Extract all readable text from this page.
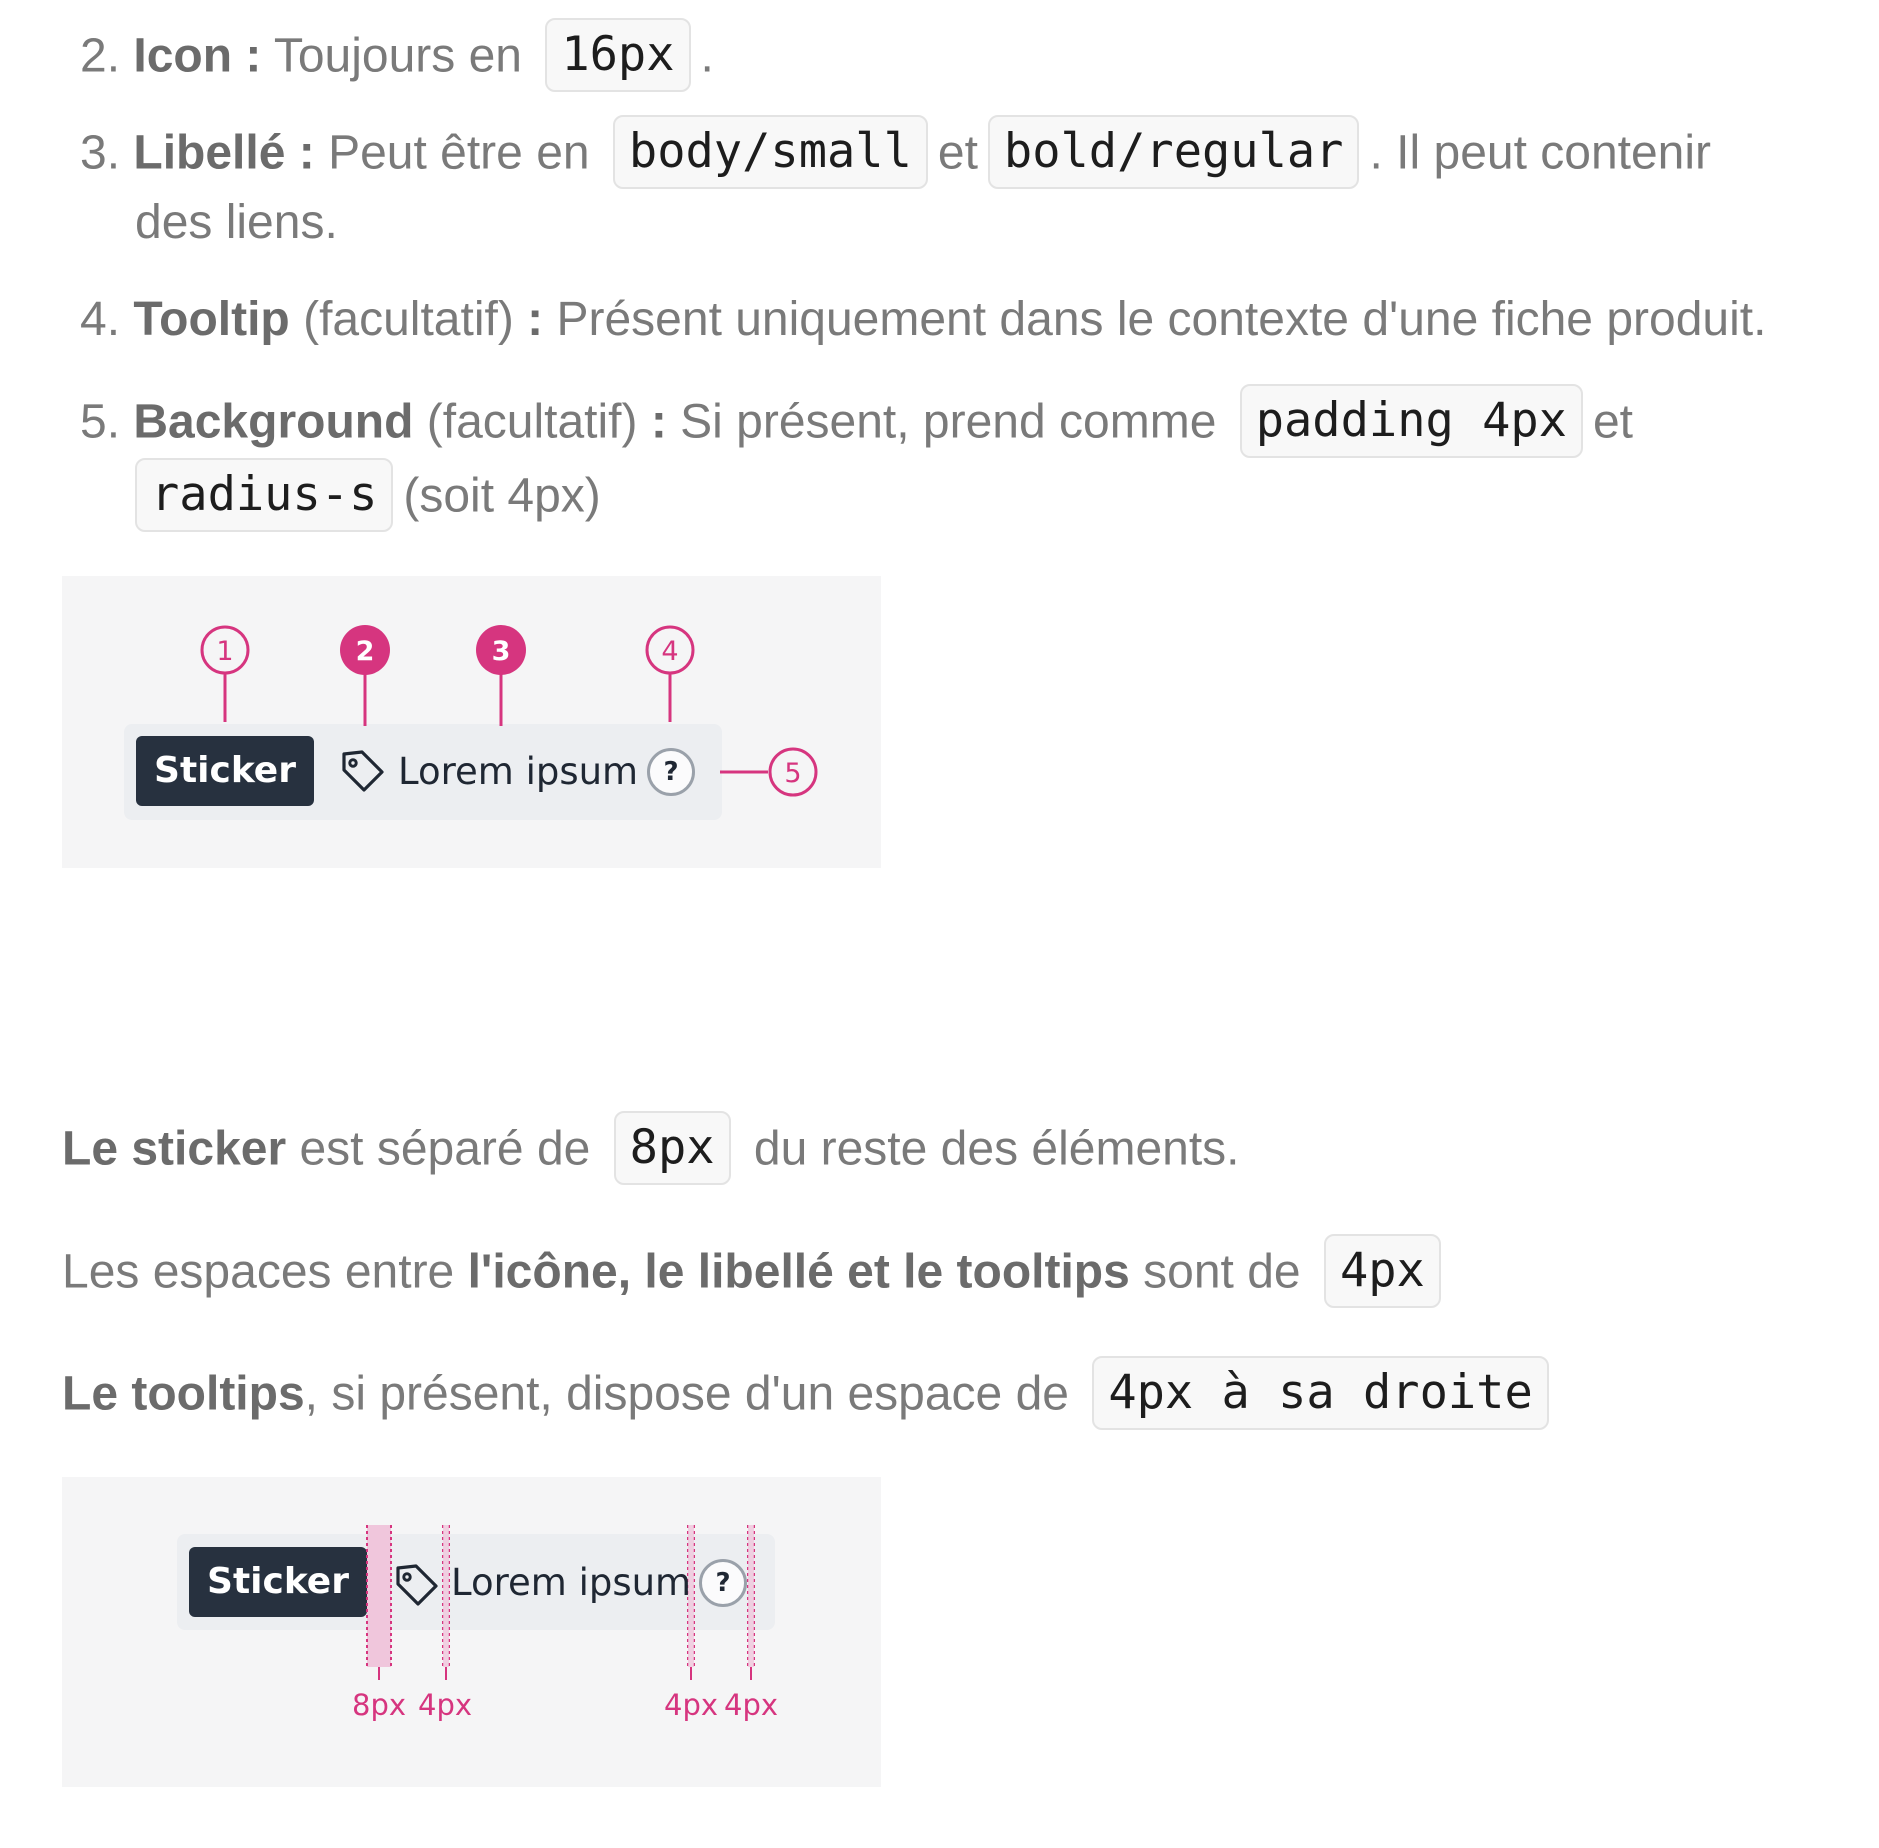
2. Icon : Toujours en 16px .
3. Libellé : Peut être en body/small et bold/regular . Il peut contenir
des liens.
4. Tooltip (facultatif) : Présent uniquement dans le contexte d'une fiche produit.
5. Background (facultatif) : Si présent, prend comme padding 4px et
radius-s (soit 4px)
Sticker	Lorem ipsum ?
1	2	3	4
5
Le sticker est séparé de 8px du reste des éléments.
Les espaces entre l'icône, le libellé et le tooltips sont de 4px
Le tooltips, si présent, dispose d'un espace de 4px à sa droite
Sticker	Lorem ipsum ?
8px 4px	4px 4px
